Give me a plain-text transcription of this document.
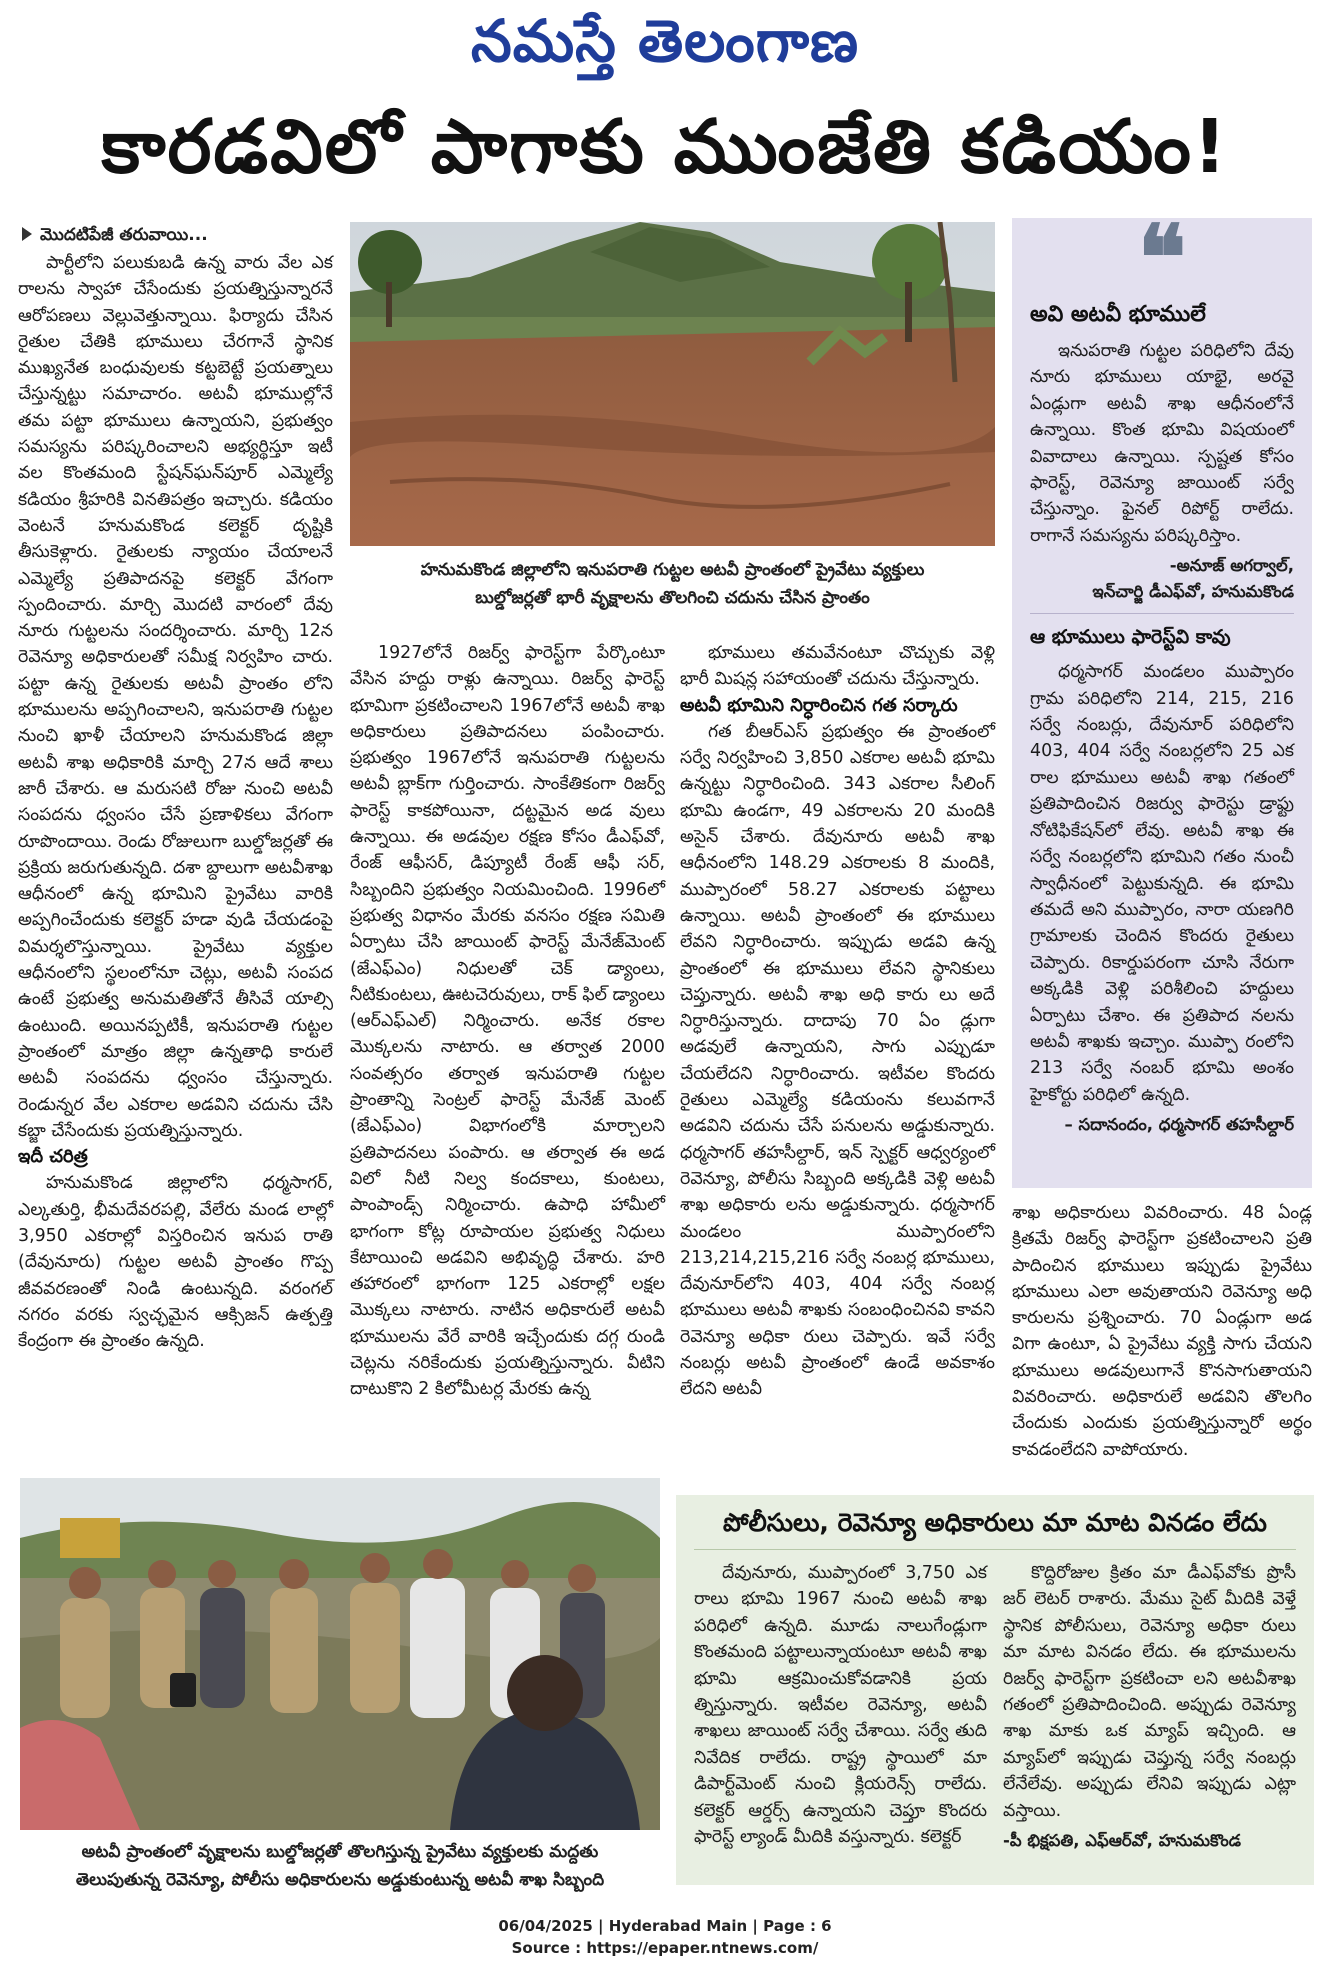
నమస్తే తెలంగాణ
కారడవిలో పాగాకు ముంజేతి కడియం!
మొదటిపేజీ తరువాయి...

పార్టీలోని పలుకుబడి ఉన్న వారు వేల ఎక రాలను స్వాహా చేసేందుకు ప్రయత్నిస్తున్నారనే ఆరోపణలు వెల్లువెత్తున్నాయి. ఫిర్యాదు చేసిన రైతుల చేతికి భూములు చేరగానే స్థానిక ముఖ్యనేత బంధువులకు కట్టబెట్టే ప్రయత్నాలు చేస్తున్నట్టు సమాచారం. అటవీ భూముల్లోనే తమ పట్టా భూములు ఉన్నాయని, ప్రభుత్వం సమస్యను పరిష్కరించాలని అభ్యర్థిస్తూ ఇటీ వల కొంతమంది స్టేషన్‌ఘన్‌పూర్ ఎమ్మెల్యే కడియం శ్రీహరికి వినతిపత్రం ఇచ్చారు. కడియం వెంటనే హనుమకొండ కలెక్టర్ దృష్టికి తీసుకెళ్లారు. రైతులకు న్యాయం చేయాలనే ఎమ్మెల్యే ప్రతిపాదనపై కలెక్టర్ వేగంగా స్పందించారు. మార్చి మొదటి వారంలో దేవు నూరు గుట్టలను సందర్శించారు. మార్చి 12న రెవెన్యూ అధికారులతో సమీక్ష నిర్వహిం చారు. పట్టా ఉన్న రైతులకు అటవీ ప్రాంతం లోని భూములను అప్పగించాలని, ఇనుపరాతి గుట్టల నుంచి ఖాళీ చేయాలని హనుమకొండ జిల్లా అటవీ శాఖ అధికారికి మార్చి 27న ఆదే శాలు జారీ చేశారు. ఆ మరుసటి రోజు నుంచి అటవీ సంపదను ధ్వంసం చేసే ప్రణాళికలు వేగంగా రూపొందాయి. రెండు రోజులుగా బుల్డోజర్లతో ఈ ప్రక్రియ జరుగుతున్నది. దశా బ్దాలుగా అటవీశాఖ ఆధీనంలో ఉన్న భూమిని ప్రైవేటు వారికి అప్పగించేందుకు కలెక్టర్ హడా వుడి చేయడంపై విమర్శలొస్తున్నాయి. ప్రైవేటు వ్యక్తుల ఆధీనంలోని స్థలంలోనూ చెట్లు, అటవీ సంపద ఉంటే ప్రభుత్వ అనుమతితోనే తీసివే యాల్సి ఉంటుంది. అయినప్పటికీ, ఇనుపరాతి గుట్టల ప్రాంతంలో మాత్రం జిల్లా ఉన్నతాధి కారులే అటవీ సంపదను ధ్వంసం చేస్తున్నారు. రెండున్నర వేల ఎకరాల అడవిని చదును చేసి కబ్జా చేసేందుకు ప్రయత్నిస్తున్నారు.

ఇదీ చరిత్ర

హనుమకొండ జిల్లాలోని ధర్మసాగర్, ఎల్కతుర్తి, భీమదేవరపల్లి, వేలేరు మండ లాల్లో 3,950 ఎకరాల్లో విస్తరించిన ఇనుప రాతి (దేవునూరు) గుట్టల అటవీ ప్రాంతం గొప్ప జీవవరణంతో నిండి ఉంటున్నది. వరంగల్ నగరం వరకు స్వచ్ఛమైన ఆక్సిజన్ ఉత్పత్తి కేంద్రంగా ఈ ప్రాంతం ఉన్నది.

హనుమకొండ జిల్లాలోని ఇనుపరాతి గుట్టల అటవీ ప్రాంతంలో ప్రైవేటు వ్యక్తులు
బుల్డోజర్లతో భారీ వృక్షాలను తొలగించి చదును చేసిన ప్రాంతం

1927లోనే రిజర్వ్ ఫారెస్ట్‌గా పేర్కొంటూ వేసిన హద్దు రాళ్లు ఉన్నాయి. రిజర్వ్ ఫారెస్ట్ భూమిగా ప్రకటించాలని 1967లోనే అటవీ శాఖ అధికారులు ప్రతిపాదనలు పంపించారు. ప్రభుత్వం 1967లోనే ఇనుపరాతి గుట్టలను అటవీ బ్లాక్‌గా గుర్తించారు. సాంకేతికంగా రిజర్వ్ ఫారెస్ట్ కాకపోయినా, దట్టమైన అడ వులు ఉన్నాయి. ఈ అడవుల రక్షణ కోసం డీఎఫ్‌వో, రేంజ్ ఆఫీసర్, డిప్యూటీ రేంజ్ ఆఫీ సర్, సిబ్బందిని ప్రభుత్వం నియమించింది. 1996లో ప్రభుత్వ విధానం మేరకు వనసం రక్షణ సమితి ఏర్పాటు చేసి జాయింట్ ఫారెస్ట్ మేనేజ్‌మెంట్ (జేఎఫ్‌ఎం) నిధులతో చెక్ డ్యాంలు, నీటికుంటలు, ఊటచెరువులు, రాక్ ఫిల్ డ్యాంలు (ఆర్‌ఎఫ్‌ఎల్) నిర్మించారు. అనేక రకాల మొక్కలను నాటారు. ఆ తర్వాత 2000 సంవత్సరం తర్వాత ఇనుపరాతి గుట్టల ప్రాంతాన్ని సెంట్రల్ ఫారెస్ట్ మేనేజ్ మెంట్ (జేఎఫ్‌ఎం) విభాగంలోకి మార్చాలని ప్రతిపాదనలు పంపారు. ఆ తర్వాత ఈ అడ విలో నీటి నిల్వ కందకాలు, కుంటలు, పాంపాండ్స్ నిర్మించారు. ఉపాధి హామీలో భాగంగా కోట్ల రూపాయల ప్రభుత్వ నిధులు కేటాయించి అడవిని అభివృద్ధి చేశారు. హరి తహారంలో భాగంగా 125 ఎకరాల్లో లక్షల మొక్కలు నాటారు. నాటిన అధికారులే అటవీ భూములను వేరే వారికి ఇచ్చేందుకు దగ్గ రుండి చెట్లను నరికేందుకు ప్రయత్నిస్తున్నారు. వీటిని దాటుకొని 2 కిలోమీటర్ల మేరకు ఉన్న

భూములు తమవేనంటూ చొచ్చుకు వెళ్లి భారీ మిషన్ల సహాయంతో చదును చేస్తున్నారు.

అటవీ భూమిని నిర్ధారించిన గత సర్కారు

గత బీఆర్‌ఎస్ ప్రభుత్వం ఈ ప్రాంతంలో సర్వే నిర్వహించి 3,850 ఎకరాల అటవీ భూమి ఉన్నట్టు నిర్ధారించింది. 343 ఎకరాల సీలింగ్ భూమి ఉండగా, 49 ఎకరాలను 20 మందికి అసైన్ చేశారు. దేవునూరు అటవీ శాఖ ఆధీనంలోని 148.29 ఎకరాలకు 8 మందికి, ముప్పారంలో 58.27 ఎకరాలకు పట్టాలు ఉన్నాయి. అటవీ ప్రాంతంలో ఈ భూములు లేవని నిర్ధారించారు. ఇప్పుడు అడవి ఉన్న ప్రాంతంలో ఈ భూములు లేవని స్థానికులు చెప్తున్నారు. అటవీ శాఖ అధి కారు లు అదే నిర్ధారిస్తున్నారు. దాదాపు 70 ఏం డ్లుగా అడవులే ఉన్నాయని, సాగు ఎప్పుడూ చేయలేదని నిర్ధారించారు. ఇటీవల కొందరు రైతులు ఎమ్మెల్యే కడియంను కలువగానే అడవిని చదును చేసే పనులను అడ్డుకున్నారు. ధర్మసాగర్ తహసీల్దార్, ఇన్ స్పెక్టర్ ఆధ్వర్యంలో రెవెన్యూ, పోలీసు సిబ్బంది అక్కడికి వెళ్లి అటవీ శాఖ అధికారు లను అడ్డుకున్నారు. ధర్మసాగర్ మండలం ముప్పారంలోని 213,214,215,216 సర్వే నంబర్ల భూములు, దేవునూర్‌లోని 403, 404 సర్వే నంబర్ల భూములు అటవీ శాఖకు సంబంధించినవి కావని రెవెన్యూ అధికా రులు చెప్పారు. ఇవే సర్వే నంబర్లు అటవీ ప్రాంతంలో ఉండే అవకాశం లేదని అటవీ

❝
అవి అటవీ భూములే

ఇనుపరాతి గుట్టల పరిధిలోని దేవు నూరు భూములు యాభై, అరవై ఏండ్లుగా అటవీ శాఖ ఆధీనంలోనే ఉన్నాయి. కొంత భూమి విషయంలో వివాదాలు ఉన్నాయి. స్పష్టత కోసం ఫారెస్ట్, రెవెన్యూ జాయింట్ సర్వే చేస్తున్నాం. ఫైనల్ రిపోర్ట్ రాలేదు. రాగానే సమస్యను పరిష్కరిస్తాం.

-అనూజ్ అగర్వాల్,
ఇన్‌చార్జి డీఎఫ్‌వో, హనుమకొండ
ఆ భూములు ఫారెస్ట్‌వి కావు

ధర్మసాగర్ మండలం ముప్పారం గ్రామ పరిధిలోని 214, 215, 216 సర్వే నంబర్లు, దేవునూర్ పరిధిలోని 403, 404 సర్వే నంబర్లలోని 25 ఎక రాల భూములు అటవీ శాఖ గతంలో ప్రతిపాదించిన రిజర్వు ఫారెస్టు డ్రాఫ్టు నోటిఫికేషన్‌లో లేవు. అటవీ శాఖ ఈ సర్వే నంబర్లలోని భూమిని గతం నుంచీ స్వాధీనంలో పెట్టుకున్నది. ఈ భూమి తమదే అని ముప్పారం, నారా యణగిరి గ్రామాలకు చెందిన కొందరు రైతులు చెప్పారు. రికార్డుపరంగా చూసి నేరుగా అక్కడికి వెళ్లి పరిశీలించి హద్దులు ఏర్పాటు చేశాం. ఈ ప్రతిపాద నలను అటవీ శాఖకు ఇచ్చాం. ముప్పా రంలోని 213 సర్వే నంబర్ భూమి అంశం హైకోర్టు పరిధిలో ఉన్నది.

– సదానందం, ధర్మసాగర్ తహసీల్దార్

శాఖ అధికారులు వివరించారు. 48 ఏండ్ల క్రితమే రిజర్వ్ ఫారెస్ట్‌గా ప్రకటించాలని ప్రతి పాదించిన భూములు ఇప్పుడు ప్రైవేటు భూములు ఎలా అవుతాయని రెవెన్యూ అధి కారులను ప్రశ్నించారు. 70 ఏండ్లుగా అడ విగా ఉంటూ, ఏ ప్రైవేటు వ్యక్తి సాగు చేయని భూములు అడవులుగానే కొనసాగుతాయని వివరించారు. అధికారులే అడవిని తొలగిం చేందుకు ఎందుకు ప్రయత్నిస్తున్నారో అర్థం కావడంలేదని వాపోయారు.

అటవీ ప్రాంతంలో వృక్షాలను బుల్డోజర్లతో తొలగిస్తున్న ప్రైవేటు వ్యక్తులకు మద్దతు
తెలుపుతున్న రెవెన్యూ, పోలీసు అధికారులను అడ్డుకుంటున్న అటవీ శాఖ సిబ్బంది
పోలీసులు, రెవెన్యూ అధికారులు మా మాట వినడం లేదు

దేవునూరు, ముప్పారంలో 3,750 ఎక రాలు భూమి 1967 నుంచి అటవీ శాఖ పరిధిలో ఉన్నది. మూడు నాలుగేండ్లుగా కొంతమంది పట్టాలున్నాయంటూ అటవీ శాఖ భూమి ఆక్రమించుకోవడానికి ప్రయ త్నిస్తున్నారు. ఇటీవల రెవెన్యూ, అటవీ శాఖలు జాయింట్ సర్వే చేశాయి. సర్వే తుది నివేదిక రాలేదు. రాష్ట్ర స్థాయిలో మా డిపార్ట్‌మెంట్ నుంచి క్లియరెన్స్ రాలేదు. కలెక్టర్ ఆర్డర్స్ ఉన్నాయని చెప్తూ కొందరు ఫారెస్ట్ ల్యాండ్ మీదికి వస్తున్నారు. కలెక్టర్

కొద్దిరోజుల క్రితం మా డీఎఫ్‌వోకు ప్రొసీ జర్ లెటర్ రాశారు. మేము సైట్ మీదికి వెళ్తే స్థానిక పోలీసులు, రెవెన్యూ అధికా రులు మా మాట వినడం లేదు. ఈ భూములను రిజర్వ్ ఫారెస్ట్‌గా ప్రకటించా లని అటవీశాఖ గతంలో ప్రతిపాదించింది. అప్పుడు రెవెన్యూ శాఖ మాకు ఒక మ్యాప్ ఇచ్చింది. ఆ మ్యాప్‌లో ఇప్పుడు చెప్తున్న సర్వే నంబర్లు లేనేలేవు. అప్పుడు లేనివి ఇప్పుడు ఎట్లా వస్తాయి.

-పీ భిక్షపతి, ఎఫ్‌ఆర్‌వో, హనుమకొండ
06/04/2025 | Hyderabad Main | Page : 6
Source : https://epaper.ntnews.com/
